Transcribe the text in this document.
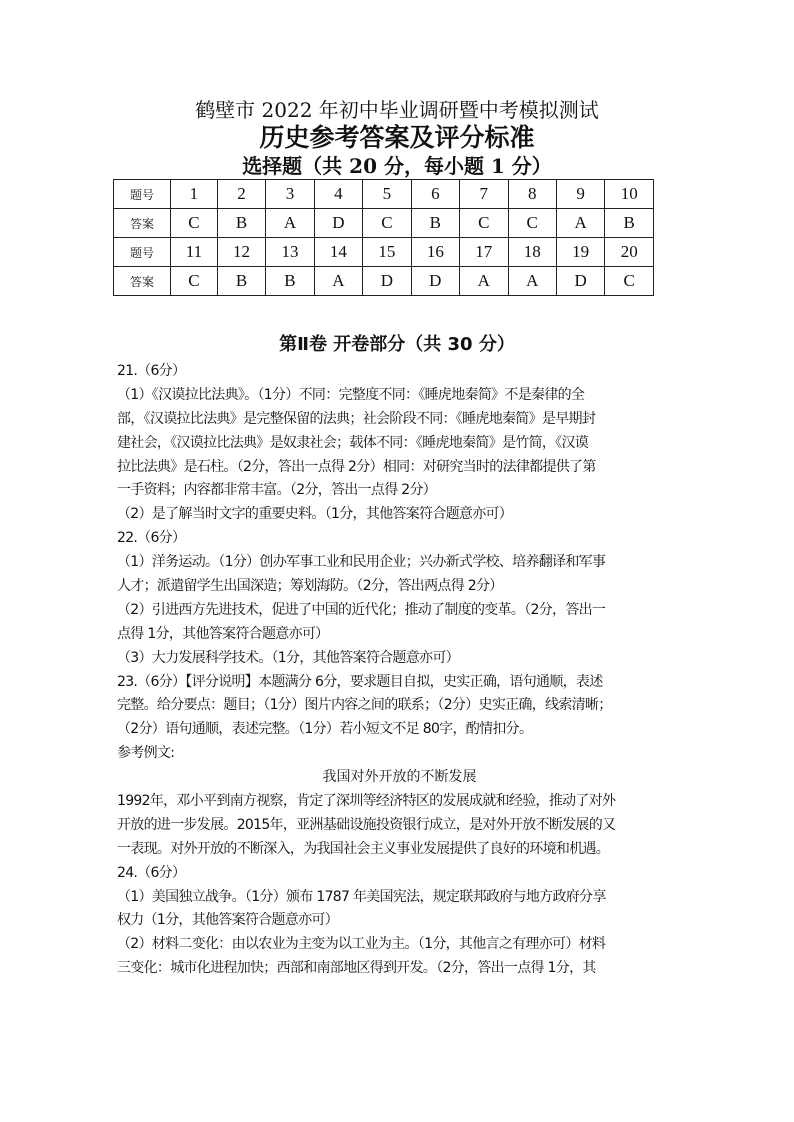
鹤壁市 2022 年初中毕业调研暨中考模拟测试
历史参考答案及评分标准
选择题（共 20 分，每小题 1 分）
题号	1	2	3	4	5	6	7	8	9	10
答案	C	B	A	D	C	B	C	C	A	B
题号	11	12	13	14	15	16	17	18	19	20
答案	C	B	B	A	D	D	A	A	D	C
第Ⅱ卷 开卷部分（共 30 分）
21.（6分）
（1）《汉谟拉比法典》。（1分）不同：完整度不同：《睡虎地秦简》不是秦律的全
部，《汉谟拉比法典》是完整保留的法典；社会阶段不同：《睡虎地秦简》是早期封
建社会，《汉谟拉比法典》是奴隶社会；载体不同：《睡虎地秦简》是竹简，《汉谟
拉比法典》是石柱。（2分，答出一点得 2分）相同：对研究当时的法律都提供了第
一手资料；内容都非常丰富。（2分，答出一点得 2分）
（2）是了解当时文字的重要史料。（1分，其他答案符合题意亦可）
22.（6分）
（1）洋务运动。（1分）创办军事工业和民用企业；兴办新式学校、培养翻译和军事
人才；派遣留学生出国深造；筹划海防。（2分，答出两点得 2分）
（2）引进西方先进技术，促进了中国的近代化；推动了制度的变革。（2分，答出一
点得 1分，其他答案符合题意亦可）
（3）大力发展科学技术。（1分，其他答案符合题意亦可）
23.（6分）【评分说明】本题满分 6分，要求题目自拟，史实正确，语句通顺，表述
完整。给分要点：题目；（1分）图片内容之间的联系；（2分）史实正确，线索清晰；
（2分）语句通顺，表述完整。（1分）若小短文不足 80字，酌情扣分。
参考例文:
我国对外开放的不断发展
1992年，邓小平到南方视察，肯定了深圳等经济特区的发展成就和经验，推动了对外
开放的进一步发展。2015年，亚洲基础设施投资银行成立，是对外开放不断发展的又
一表现。对外开放的不断深入，为我国社会主义事业发展提供了良好的环境和机遇。
24.（6分）
（1）美国独立战争。（1分）颁布 1787 年美国宪法，规定联邦政府与地方政府分享
权力（1分，其他答案符合题意亦可）
（2）材料二变化：由以农业为主变为以工业为主。（1分，其他言之有理亦可）材料
三变化：城市化进程加快；西部和南部地区得到开发。（2分，答出一点得 1分，其
